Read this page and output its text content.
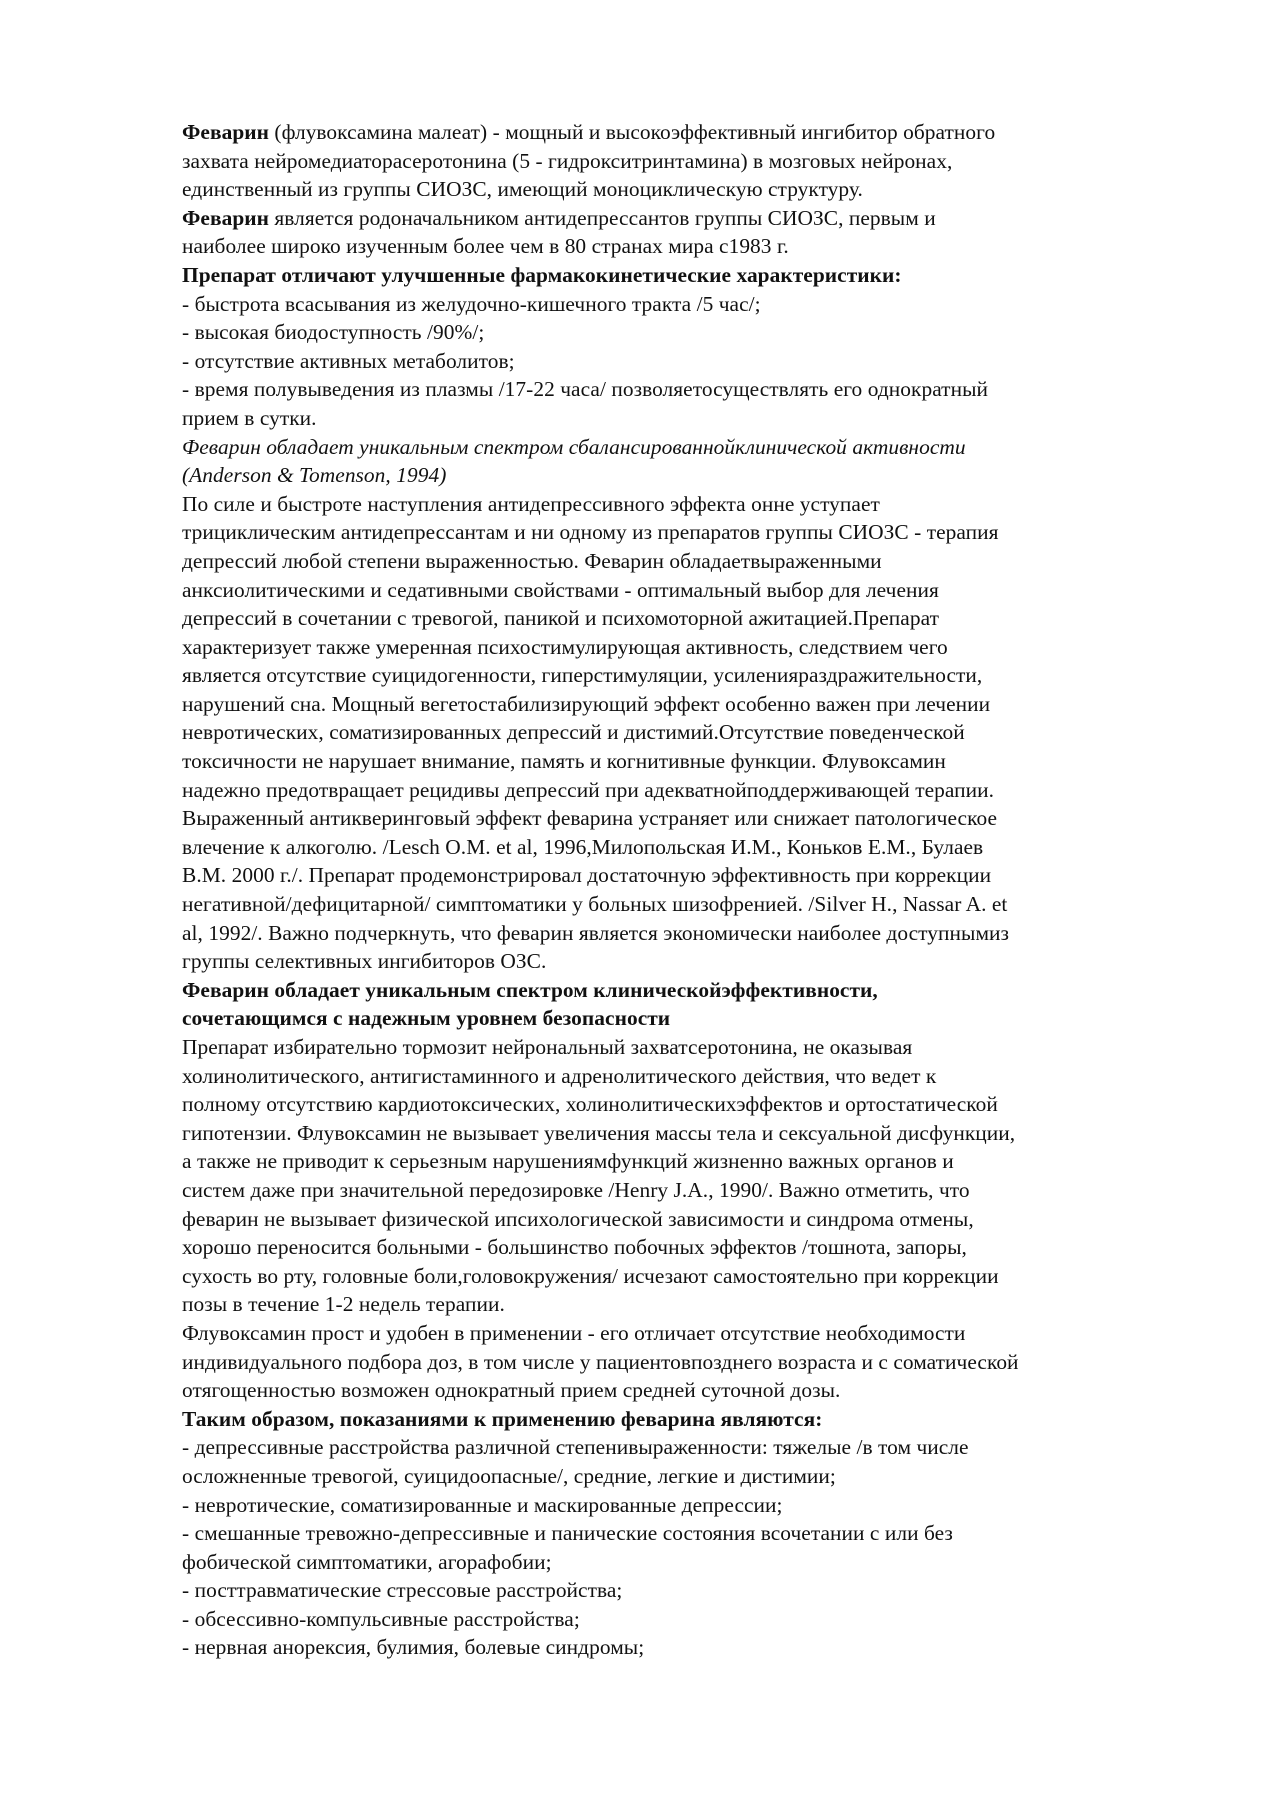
Феварин (флувоксамина малеат) - мощный и высокоэффективный ингибитор обратного
захвата нейромедиаторасеротонина (5 - гидрокситринтамина) в мозговых нейронах,
единственный из группы СИОЗС, имеющий моноциклическую структуру.
Феварин является родоначальником антидепрессантов группы СИОЗС, первым и
наиболее широко изученным более чем в 80 странах мира с1983 г.
Препарат отличают улучшенные фармакокинетические характеристики:
- быстрота всасывания из желудочно-кишечного тракта /5 час/;
- высокая биодоступность /90%/;
- отсутствие активных метаболитов;
- время полувыведения из плазмы /17-22 часа/ позволяетосуществлять его однократный
прием в сутки.
Феварин обладает уникальным спектром сбалансированнойклинической активности
(Anderson & Tomenson, 1994)
По силе и быстроте наступления антидепрессивного эффекта онне уступает
трициклическим антидепрессантам и ни одному из препаратов группы СИОЗС - терапия
депрессий любой степени выраженностью. Феварин обладаетвыраженными
анксиолитическими и седативными свойствами - оптимальный выбор для лечения
депрессий в сочетании с тревогой, паникой и психомоторной ажитацией.Препарат
характеризует также умеренная психостимулирующая активность, следствием чего
является отсутствие суицидогенности, гиперстимуляции, усиленияраздражительности,
нарушений сна. Мощный вегетостабилизирующий эффект особенно важен при лечении
невротических, соматизированных депрессий и дистимий.Отсутствие поведенческой
токсичности не нарушает внимание, память и когнитивные функции. Флувоксамин
надежно предотвращает рецидивы депрессий при адекватнойподдерживающей терапии.
Выраженный антикверинговый эффект феварина устраняет или снижает патологическое
влечение к алкоголю. /Lesch O.M. et al, 1996,Милопольская И.М., Коньков Е.М., Булаев
В.М. 2000 г./. Препарат продемонстрировал достаточную эффективность при коррекции
негативной/дефицитарной/ симптоматики у больных шизофренией. /Silver H., Nassar A. et
al, 1992/. Важно подчеркнуть, что феварин является экономически наиболее доступнымиз
группы селективных ингибиторов ОЗС.
Феварин обладает уникальным спектром клиническойэффективности,
сочетающимся с надежным уровнем безопасности
Препарат избирательно тормозит нейрональный захватсеротонина, не оказывая
холинолитического, антигистаминного и адренолитического действия, что ведет к
полному отсутствию кардиотоксических, холинолитическихэффектов и ортостатической
гипотензии. Флувоксамин не вызывает увеличения массы тела и сексуальной дисфункции,
а также не приводит к серьезным нарушениямфункций жизненно важных органов и
систем даже при значительной передозировке /Henry J.A., 1990/. Важно отметить, что
феварин не вызывает физической ипсихологической зависимости и синдрома отмены,
хорошо переносится больными - большинство побочных эффектов /тошнота, запоры,
сухость во рту, головные боли,головокружения/ исчезают самостоятельно при коррекции
позы в течение 1-2 недель терапии.
Флувоксамин прост и удобен в применении - его отличает отсутствие необходимости
индивидуального подбора доз, в том числе у пациентовпозднего возраста и с соматической
отягощенностью возможен однократный прием средней суточной дозы.
Таким образом, показаниями к применению феварина являются:
- депрессивные расстройства различной степенивыраженности: тяжелые /в том числе
осложненные тревогой, суицидоопасные/, средние, легкие и дистимии;
- невротические, соматизированные и маскированные депрессии;
- смешанные тревожно-депрессивные и панические состояния всочетании с или без
фобической симптоматики, агорафобии;
- посттравматические стрессовые расстройства;
- обсессивно-компульсивные расстройства;
- нервная анорексия, булимия, болевые синдромы;
